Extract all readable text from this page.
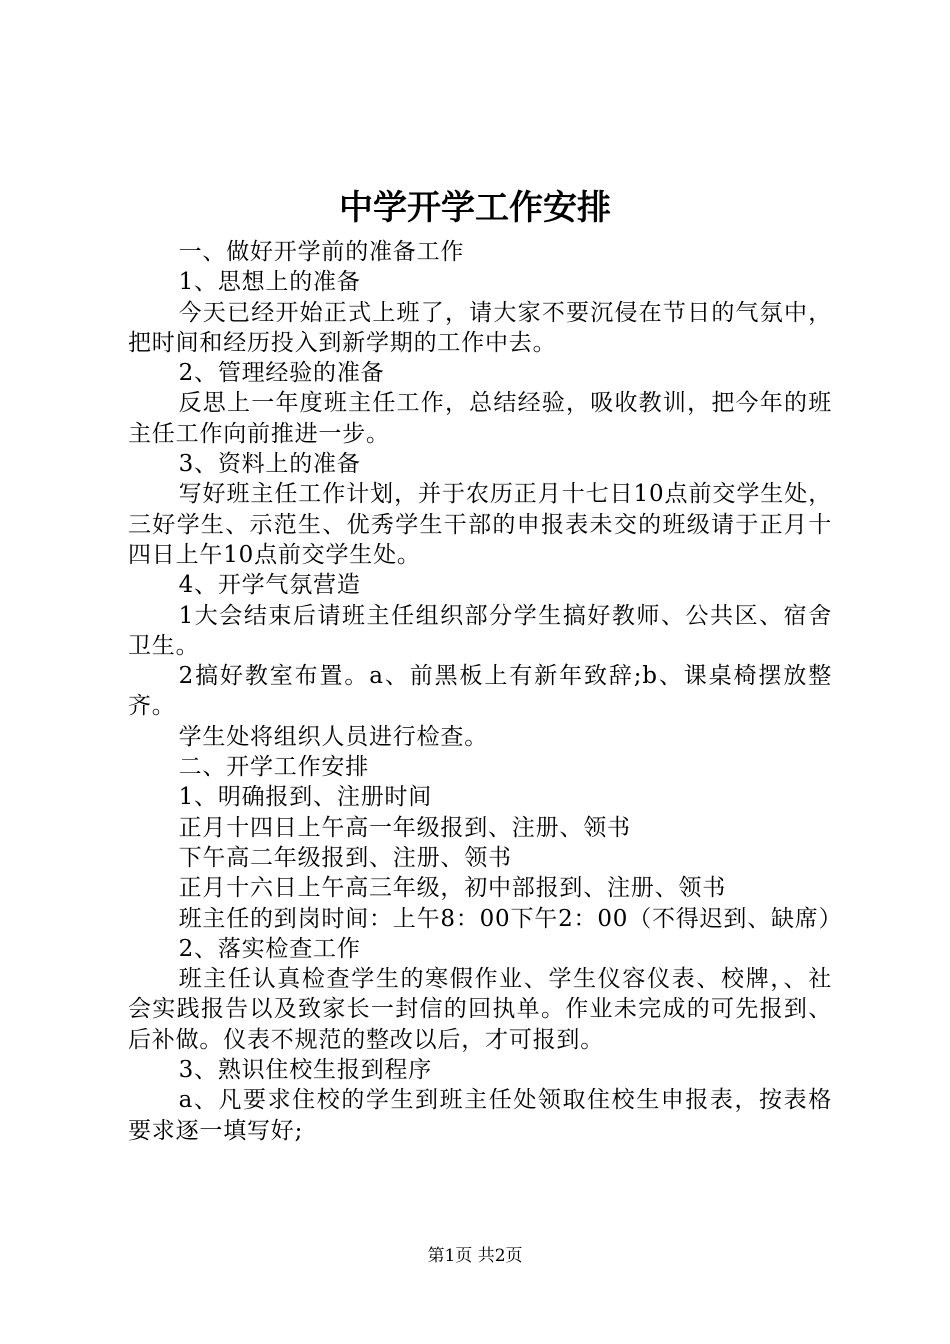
中学开学工作安排

一、做好开学前的准备工作

1、思想上的准备

今天已经开始正式上班了，请大家不要沉侵在节日的气氛中，把时间和经历投入到新学期的工作中去。

2、管理经验的准备

反思上一年度班主任工作，总结经验，吸收教训，把今年的班主任工作向前推进一步。

3、资料上的准备

写好班主任工作计划，并于农历正月十七日10点前交学生处，三好学生、示范生、优秀学生干部的申报表未交的班级请于正月十四日上午10点前交学生处。

4、开学气氛营造

1大会结束后请班主任组织部分学生搞好教师、公共区、宿舍卫生。

2搞好教室布置。a、前黑板上有新年致辞;b、课桌椅摆放整齐。

学生处将组织人员进行检查。

二、开学工作安排

1、明确报到、注册时间

正月十四日上午高一年级报到、注册、领书

下午高二年级报到、注册、领书

正月十六日上午高三年级，初中部报到、注册、领书

班主任的到岗时间：上午8：00下午2：00（不得迟到、缺席）

2、落实检查工作

班主任认真检查学生的寒假作业、学生仪容仪表、校牌，、社会实践报告以及致家长一封信的回执单。作业未完成的可先报到、后补做。仪表不规范的整改以后，才可报到。

3、熟识住校生报到程序

a、凡要求住校的学生到班主任处领取住校生申报表，按表格要求逐一填写好;

第1页 共2页
